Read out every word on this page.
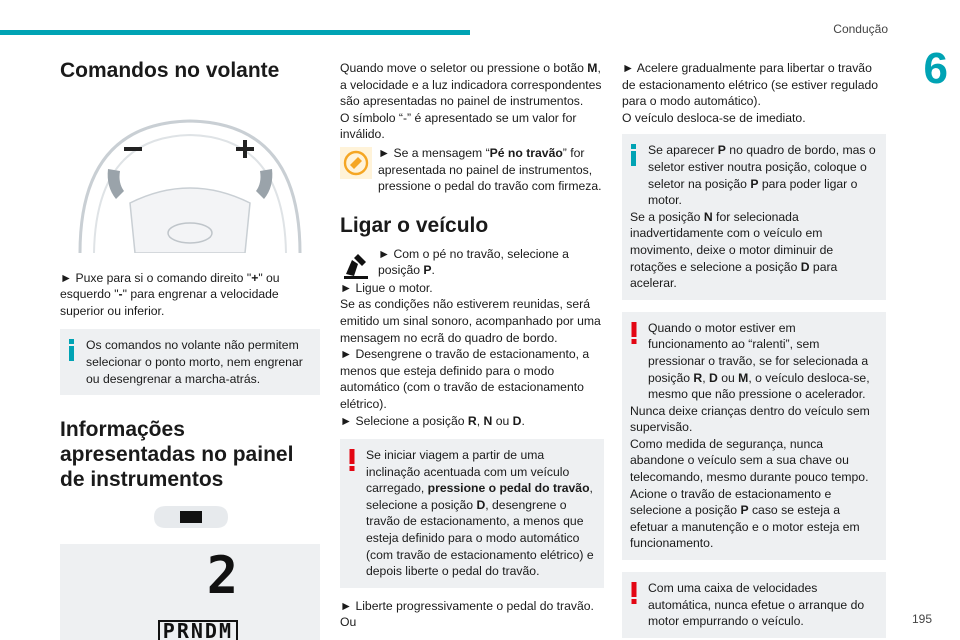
Condução
6
195
Comandos no volante

► Puxe para si o comando direito "+" ou esquerdo "-" para engrenar a velocidade superior ou inferior.

Os comandos no volante não permitem selecionar o ponto morto, nem engrenar ou desengrenar a marcha-atrás.

Informações apresentadas no painel de instrumentos
2
PRNDM

Quando move o seletor ou pressione o botão M, a velocidade e a luz indicadora correspondentes são apresentadas no painel de instrumentos.

O símbolo “-” é apresentado se um valor for inválido.

► Se a mensagem “Pé no travão” for apresentada no painel de instrumentos, pressione o pedal do travão com firmeza.

Ligar o veículo

► Com o pé no travão, selecione a posição P.

► Ligue o motor.

Se as condições não estiverem reunidas, será emitido um sinal sonoro, acompanhado por uma mensagem no ecrã do quadro de bordo.

► Desengrene o travão de estacionamento, a menos que esteja definido para o modo automático (com o travão de estacionamento elétrico).

► Selecione a posição R, N ou D.

Se iniciar viagem a partir de uma inclinação acentuada com um veículo carregado, pressione o pedal do travão, selecione a posição D, desengrene o travão de estacionamento, a menos que esteja definido para o modo automático (com travão de estacionamento elétrico) e depois liberte o pedal do travão.

► Liberte progressivamente o pedal do travão.

Ou

► Acelere gradualmente para libertar o travão de estacionamento elétrico (se estiver regulado para o modo automático).

O veículo desloca-se de imediato.

Se aparecer P no quadro de bordo, mas o seletor estiver noutra posição, coloque o seletor na posição P para poder ligar o motor.

Se a posição N for selecionada inadvertidamente com o veículo em movimento, deixe o motor diminuir de rotações e selecione a posição D para acelerar.

Quando o motor estiver em funcionamento ao “ralenti”, sem pressionar o travão, se for selecionada a posição R, D ou M, o veículo desloca-se, mesmo que não pressione o acelerador.

Nunca deixe crianças dentro do veículo sem supervisão.

Como medida de segurança, nunca abandone o veículo sem a sua chave ou telecomando, mesmo durante pouco tempo.

Acione o travão de estacionamento e selecione a posição P caso se esteja a efetuar a manutenção e o motor esteja em funcionamento.

Com uma caixa de velocidades automática, nunca efetue o arranque do motor empurrando o veículo.
